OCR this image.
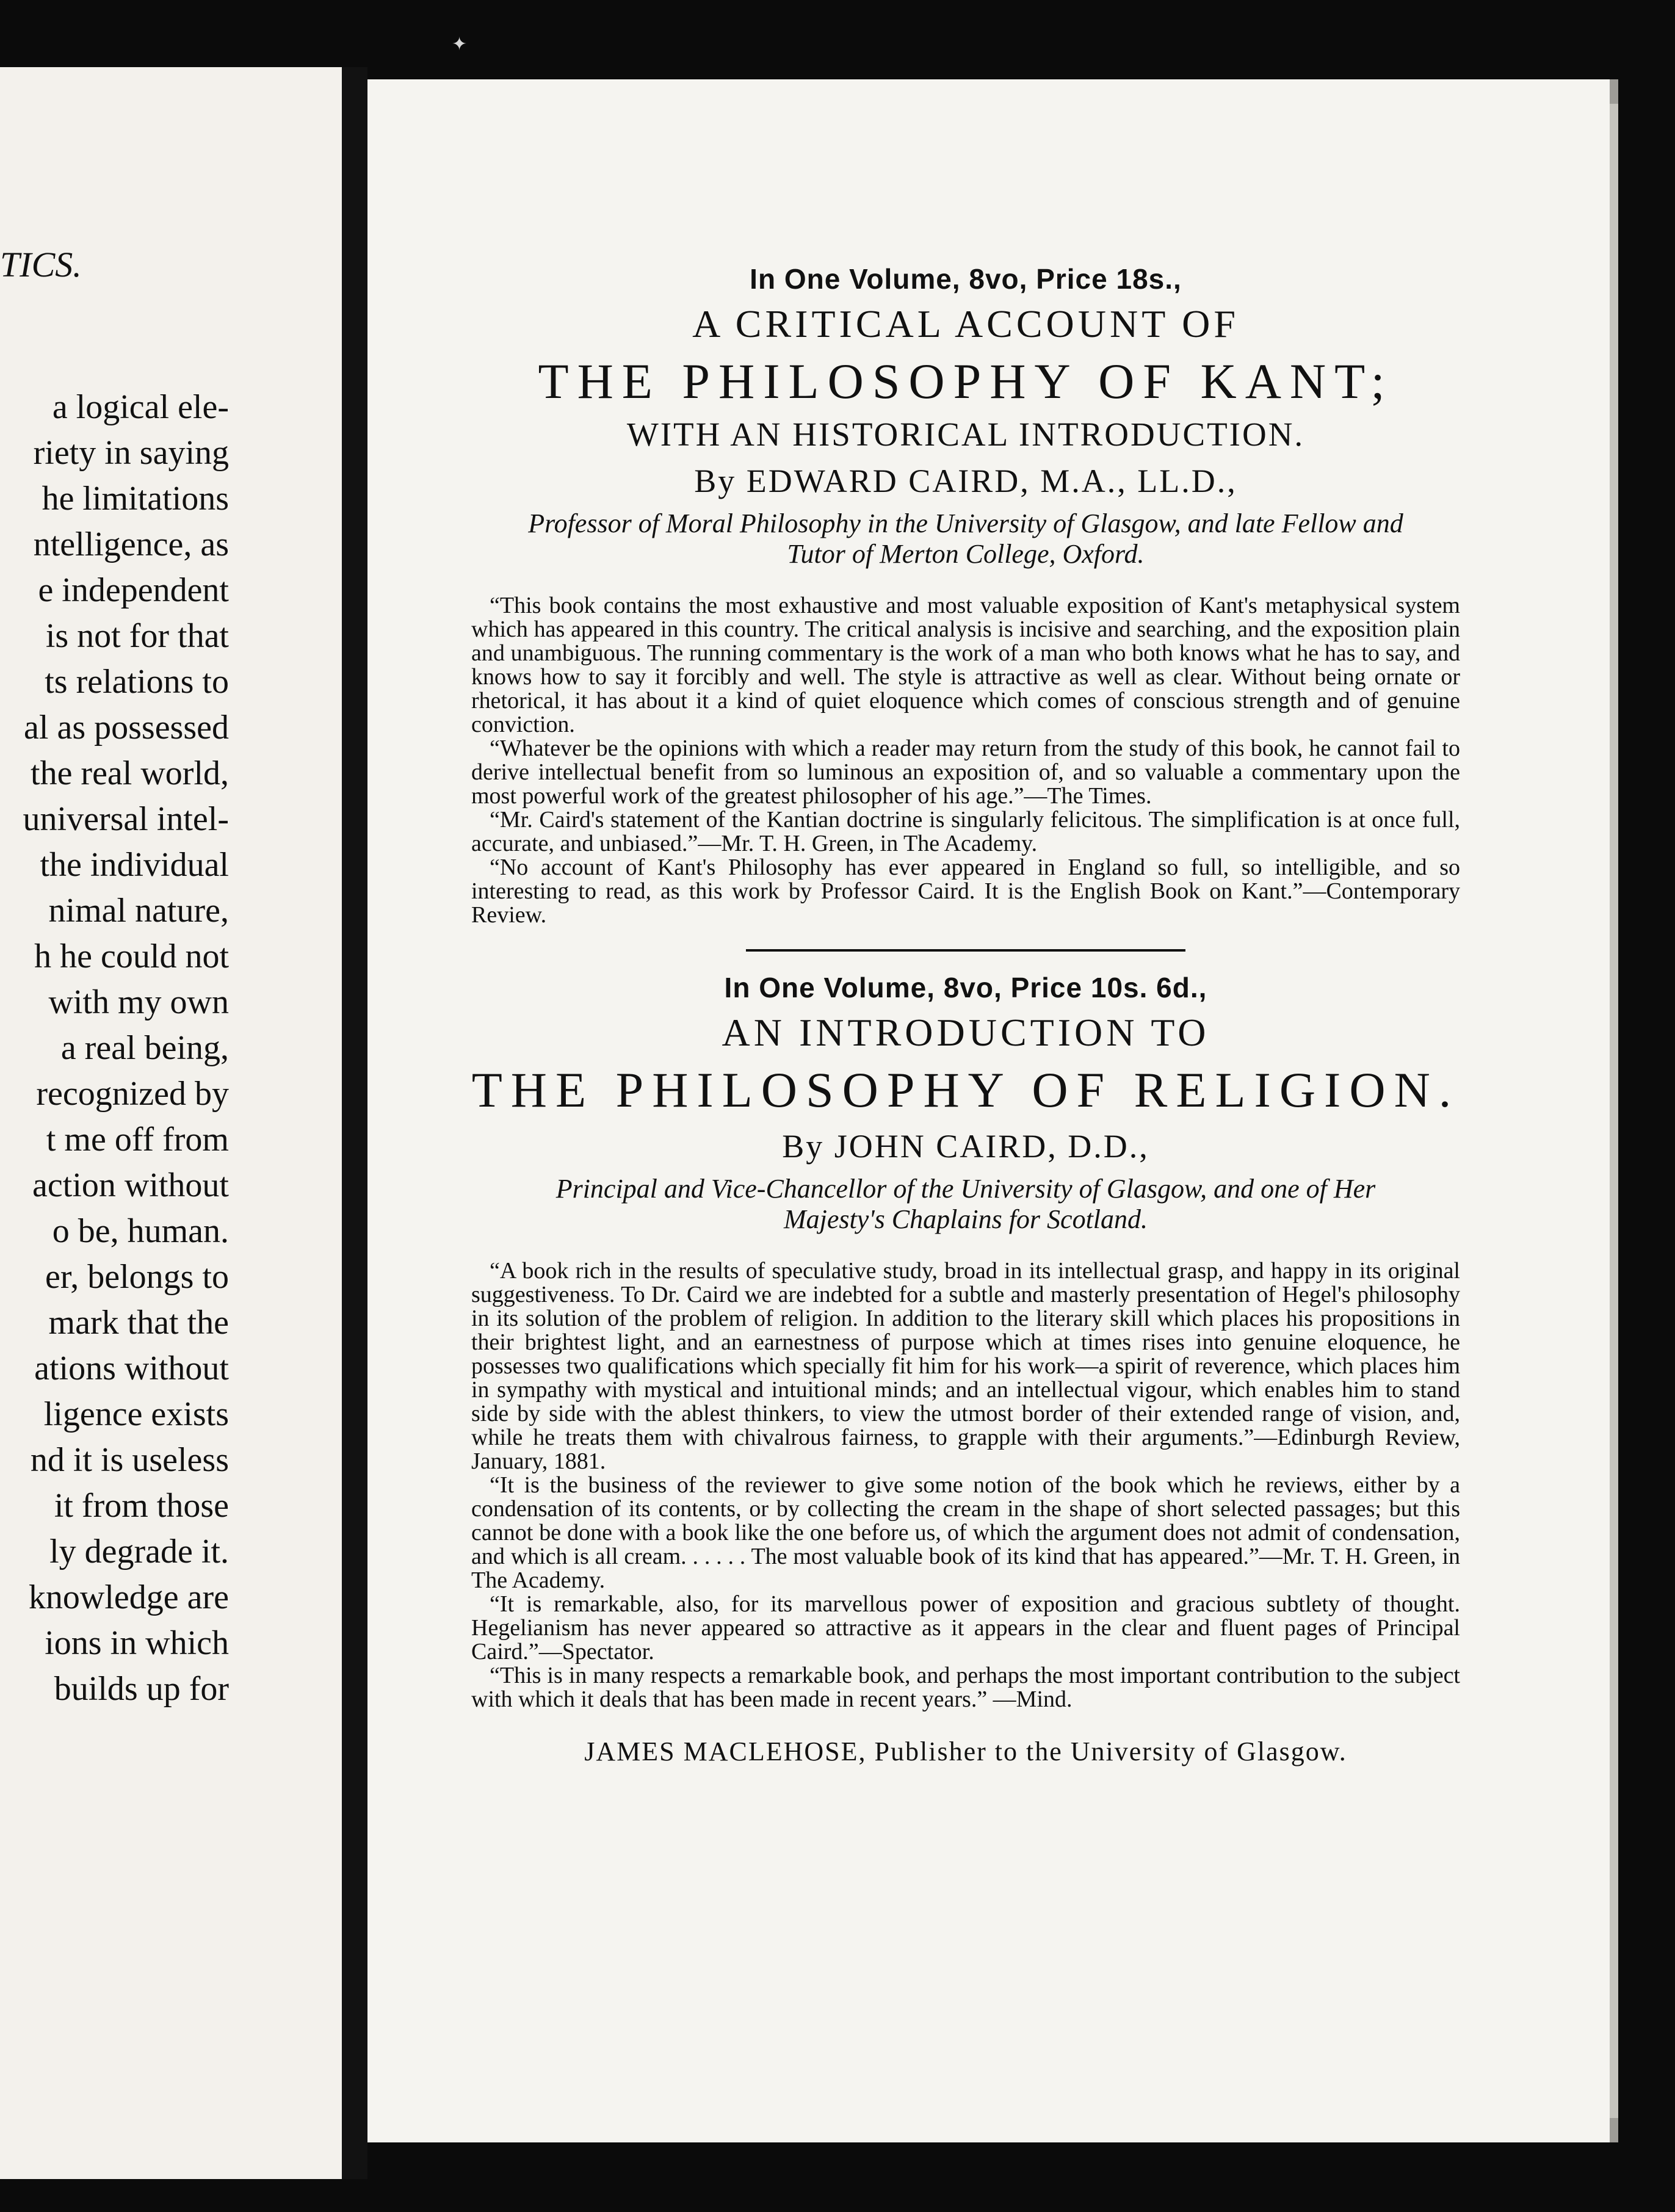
✦
TICS.
a logical ele-
riety in saying
he limitations
ntelligence, as
e independent
is not for that
ts relations to
al as possessed
the real world,
universal intel-
the individual
nimal nature,
h he could not
with my own
a real being,
recognized by
t me off from
action without
o be, human.
er, belongs to
mark that the
ations without
ligence exists
nd it is useless
it from those
ly degrade it.
knowledge are
ions in which
builds up for

In One Volume, 8vo, Price 18s.,

A CRITICAL ACCOUNT OF

THE PHILOSOPHY OF KANT;

WITH AN HISTORICAL INTRODUCTION.

By EDWARD CAIRD, M.A., LL.D.,

Professor of Moral Philosophy in the University of Glasgow, and late Fellow and Tutor of Merton College, Oxford.

“This book contains the most exhaustive and most valuable exposition of Kant's metaphysical system which has appeared in this country. The critical analysis is incisive and searching, and the exposition plain and unambiguous. The running commentary is the work of a man who both knows what he has to say, and knows how to say it forcibly and well. The style is attractive as well as clear. Without being ornate or rhetorical, it has about it a kind of quiet eloquence which comes of conscious strength and of genuine conviction.

“Whatever be the opinions with which a reader may return from the study of this book, he cannot fail to derive intellectual benefit from so luminous an exposition of, and so valuable a commentary upon the most powerful work of the greatest philosopher of his age.”—The Times.

“Mr. Caird's statement of the Kantian doctrine is singularly felicitous. The simplification is at once full, accurate, and unbiased.”—Mr. T. H. Green, in The Academy.

“No account of Kant's Philosophy has ever appeared in England so full, so intelligible, and so interesting to read, as this work by Professor Caird. It is the English Book on Kant.”—Contemporary Review.

In One Volume, 8vo, Price 10s. 6d.,

AN INTRODUCTION TO

THE PHILOSOPHY OF RELIGION.

By JOHN CAIRD, D.D.,

Principal and Vice-Chancellor of the University of Glasgow, and one of Her Majesty's Chaplains for Scotland.

“A book rich in the results of speculative study, broad in its intellectual grasp, and happy in its original suggestiveness. To Dr. Caird we are indebted for a subtle and masterly presentation of Hegel's philosophy in its solution of the problem of religion. In addition to the literary skill which places his propositions in their brightest light, and an earnestness of purpose which at times rises into genuine eloquence, he possesses two qualifications which specially fit him for his work—a spirit of reverence, which places him in sympathy with mystical and intuitional minds; and an intellectual vigour, which enables him to stand side by side with the ablest thinkers, to view the utmost border of their extended range of vision, and, while he treats them with chivalrous fairness, to grapple with their arguments.”—Edinburgh Review, January, 1881.

“It is the business of the reviewer to give some notion of the book which he reviews, either by a condensation of its contents, or by collecting the cream in the shape of short selected passages; but this cannot be done with a book like the one before us, of which the argument does not admit of condensation, and which is all cream. . . . . . The most valuable book of its kind that has appeared.”—Mr. T. H. Green, in The Academy.

“It is remarkable, also, for its marvellous power of exposition and gracious subtlety of thought. Hegelianism has never appeared so attractive as it appears in the clear and fluent pages of Principal Caird.”—Spectator.

“This is in many respects a remarkable book, and perhaps the most important contribution to the subject with which it deals that has been made in recent years.” —Mind.

JAMES MACLEHOSE, Publisher to the University of Glasgow.
